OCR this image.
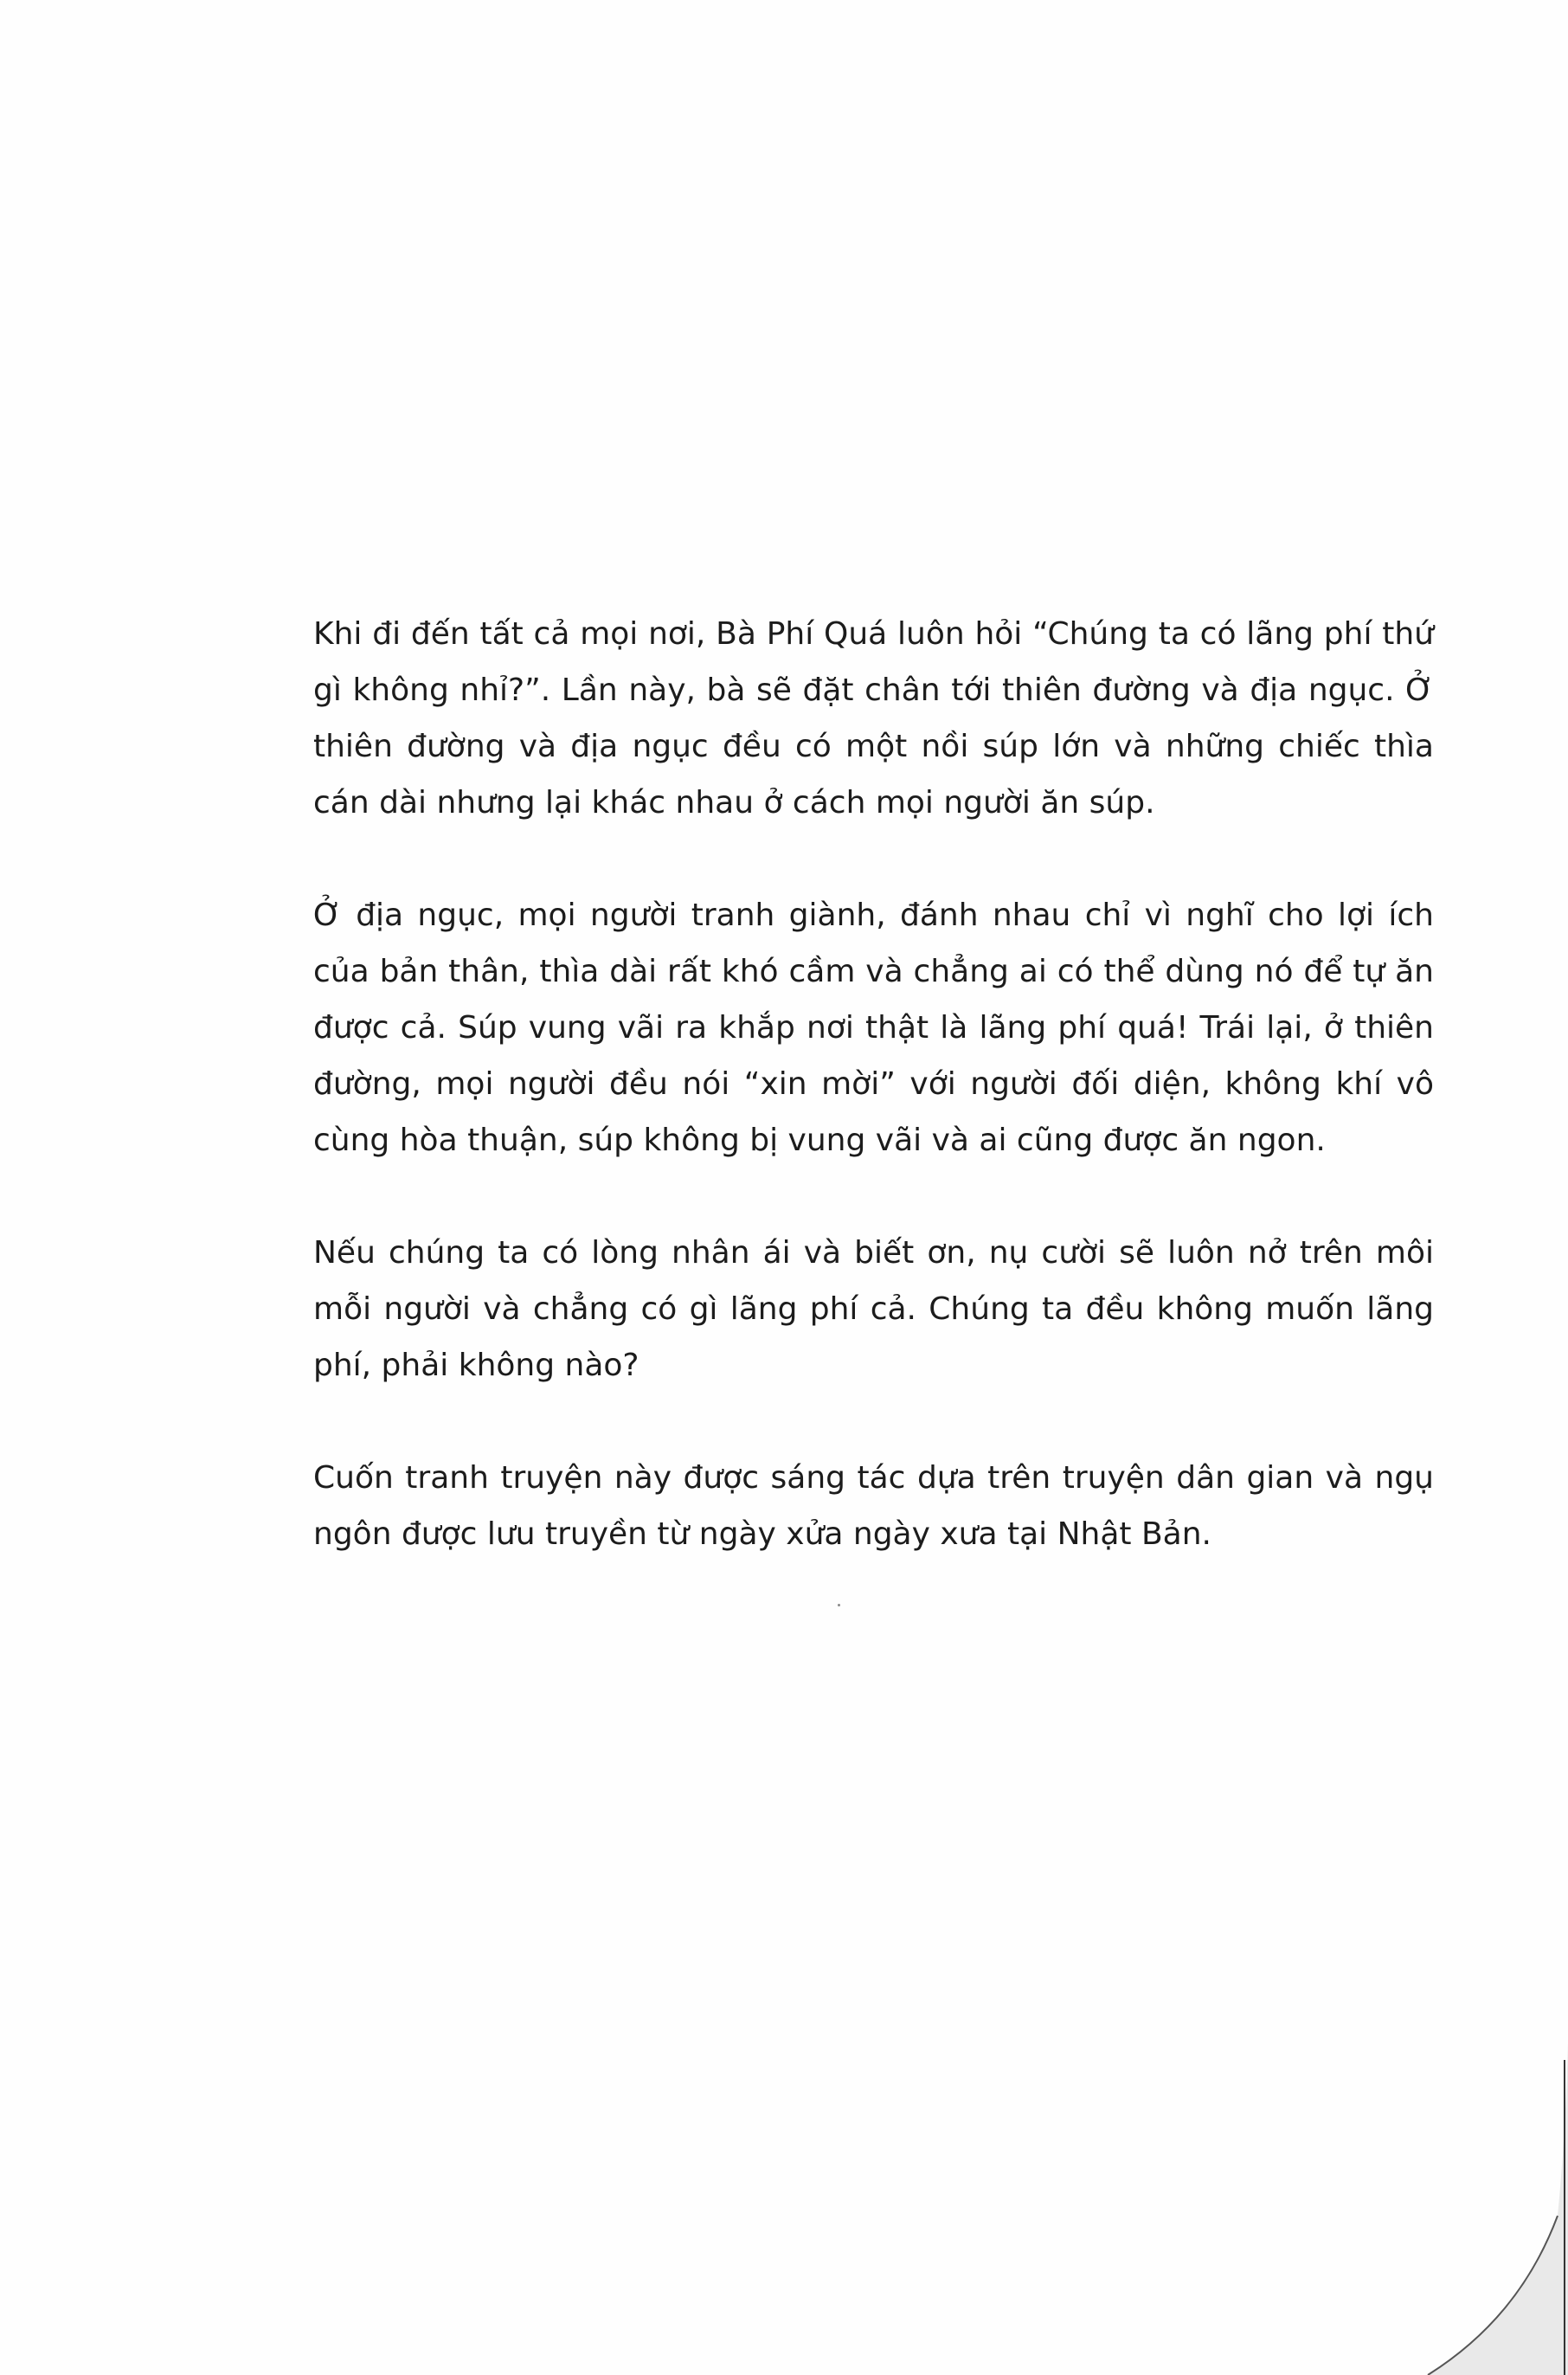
Khi đi đến tất cả mọi nơi, Bà Phí Quá luôn hỏi “Chúng ta có lãng phí thứ gì không nhỉ?”. Lần này, bà sẽ đặt chân tới thiên đường và địa ngục. Ở thiên đường và địa ngục đều có một nồi súp lớn và những chiếc thìa cán dài nhưng lại khác nhau ở cách mọi người ăn súp.

Ở địa ngục, mọi người tranh giành, đánh nhau chỉ vì nghĩ cho lợi ích của bản thân, thìa dài rất khó cầm và chẳng ai có thể dùng nó để tự ăn được cả. Súp vung vãi ra khắp nơi thật là lãng phí quá! Trái lại, ở thiên đường, mọi người đều nói “xin mời” với người đối diện, không khí vô cùng hòa thuận, súp không bị vung vãi và ai cũng được ăn ngon.

Nếu chúng ta có lòng nhân ái và biết ơn, nụ cười sẽ luôn nở trên môi mỗi người và chẳng có gì lãng phí cả. Chúng ta đều không muốn lãng phí, phải không nào?

Cuốn tranh truyện này được sáng tác dựa trên truyện dân gian và ngụ ngôn được lưu truyền từ ngày xửa ngày xưa tại Nhật Bản.
